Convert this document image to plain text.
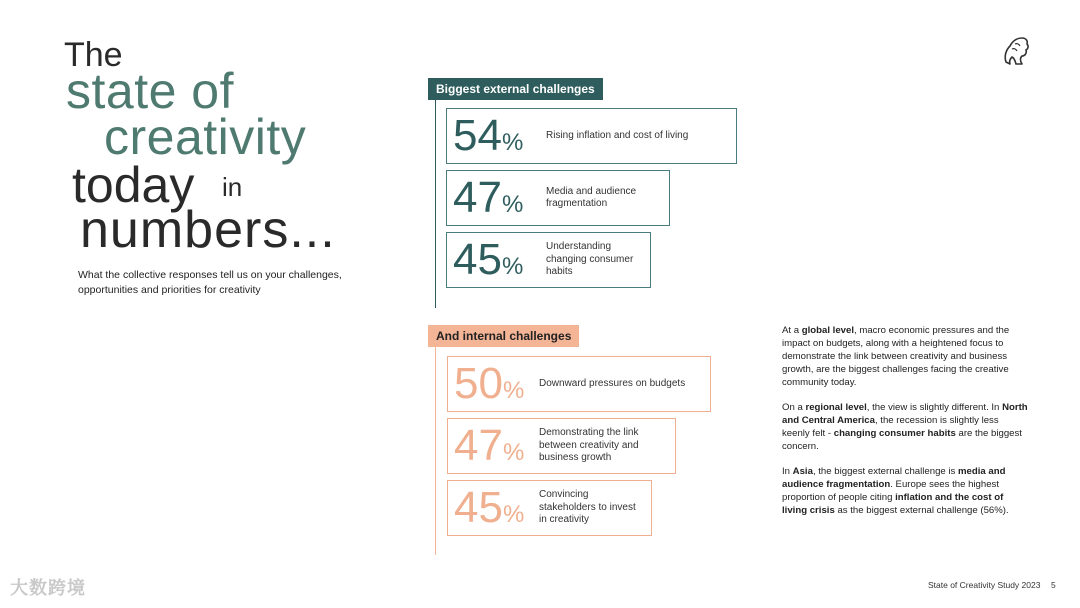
The
state of
creativity
today in
numbers...
What the collective responses tell us on your challenges, opportunities and priorities for creativity
Biggest external challenges
54 % Rising inflation and cost of living
47 % Media and audience fragmentation
45 %
Understanding changing consumer habits
And internal challenges
50 % Downward pressures on budgets
47 %
Demonstrating the link between creativity and business growth
45 %
Convincing stakeholders to invest in creativity

At a global level, macro economic pressures and the impact on budgets, along with a heightened focus to demonstrate the link between creativity and business growth, are the biggest challenges facing the creative community today.

On a regional level, the view is slightly different. In North and Central America, the recession is slightly less keenly felt - changing consumer habits are the biggest concern.

In Asia, the biggest external challenge is media and audience fragmentation. Europe sees the highest proportion of people citing inflation and the cost of living crisis as the biggest external challenge (56%).

State of Creativity Study 2023 5
大数跨境
